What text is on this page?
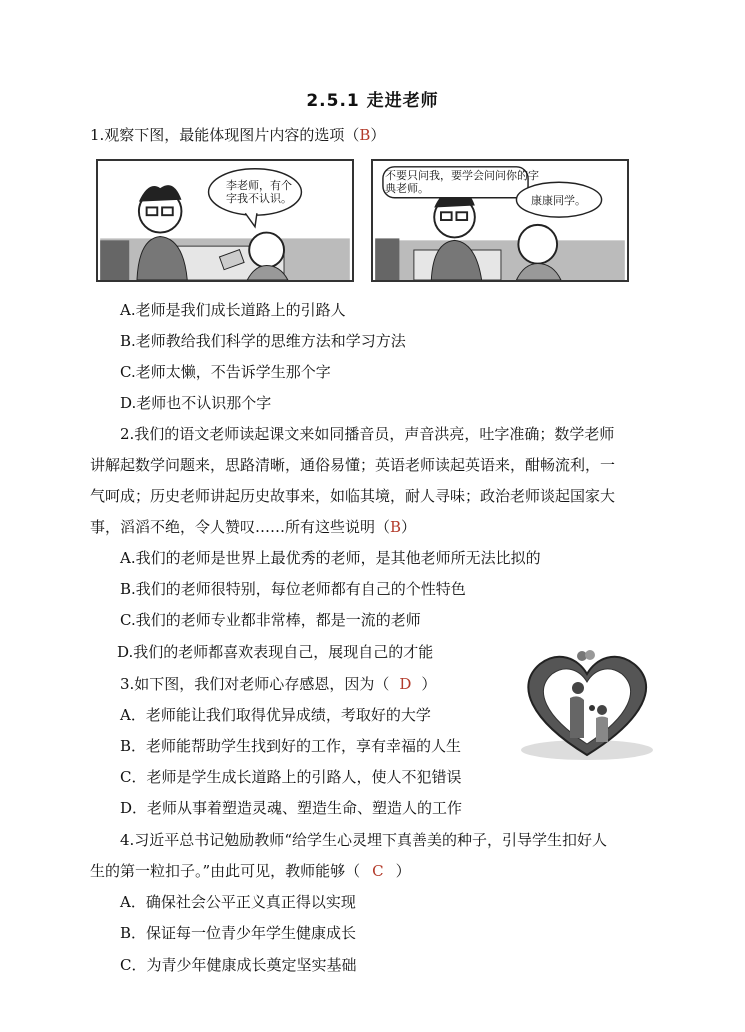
2.5.1 走进老师
1.观察下图，最能体现图片内容的选项（B）
李老师，有个
字我不认识。
不要只问我，要学会问问你的字
典老师。
康康同学。
A.老师是我们成长道路上的引路人
B.老师教给我们科学的思维方法和学习方法
C.老师太懒，不告诉学生那个字
D.老师也不认识那个字
2.我们的语文老师读起课文来如同播音员，声音洪亮，吐字准确；数学老师
讲解起数学问题来，思路清晰，通俗易懂；英语老师读起英语来，酣畅流利，一
气呵成；历史老师讲起历史故事来，如临其境，耐人寻味；政治老师谈起国家大
事，滔滔不绝，令人赞叹……所有这些说明（B）
A.我们的老师是世界上最优秀的老师，是其他老师所无法比拟的
B.我们的老师很特别，每位老师都有自己的个性特色
C.我们的老师专业都非常棒，都是一流的老师
D.我们的老师都喜欢表现自己，展现自己的才能
3.如下图，我们对老师心存感恩，因为（ D ）
A．老师能让我们取得优异成绩，考取好的大学
B．老师能帮助学生找到好的工作，享有幸福的人生
C．老师是学生成长道路上的引路人，使人不犯错误
D．老师从事着塑造灵魂、塑造生命、塑造人的工作
4.习近平总书记勉励教师“给学生心灵埋下真善美的种子，引导学生扣好人
生的第一粒扣子。”由此可见，教师能够（ C ）
A．确保社会公平正义真正得以实现
B．保证每一位青少年学生健康成长
C．为青少年健康成长奠定坚实基础
